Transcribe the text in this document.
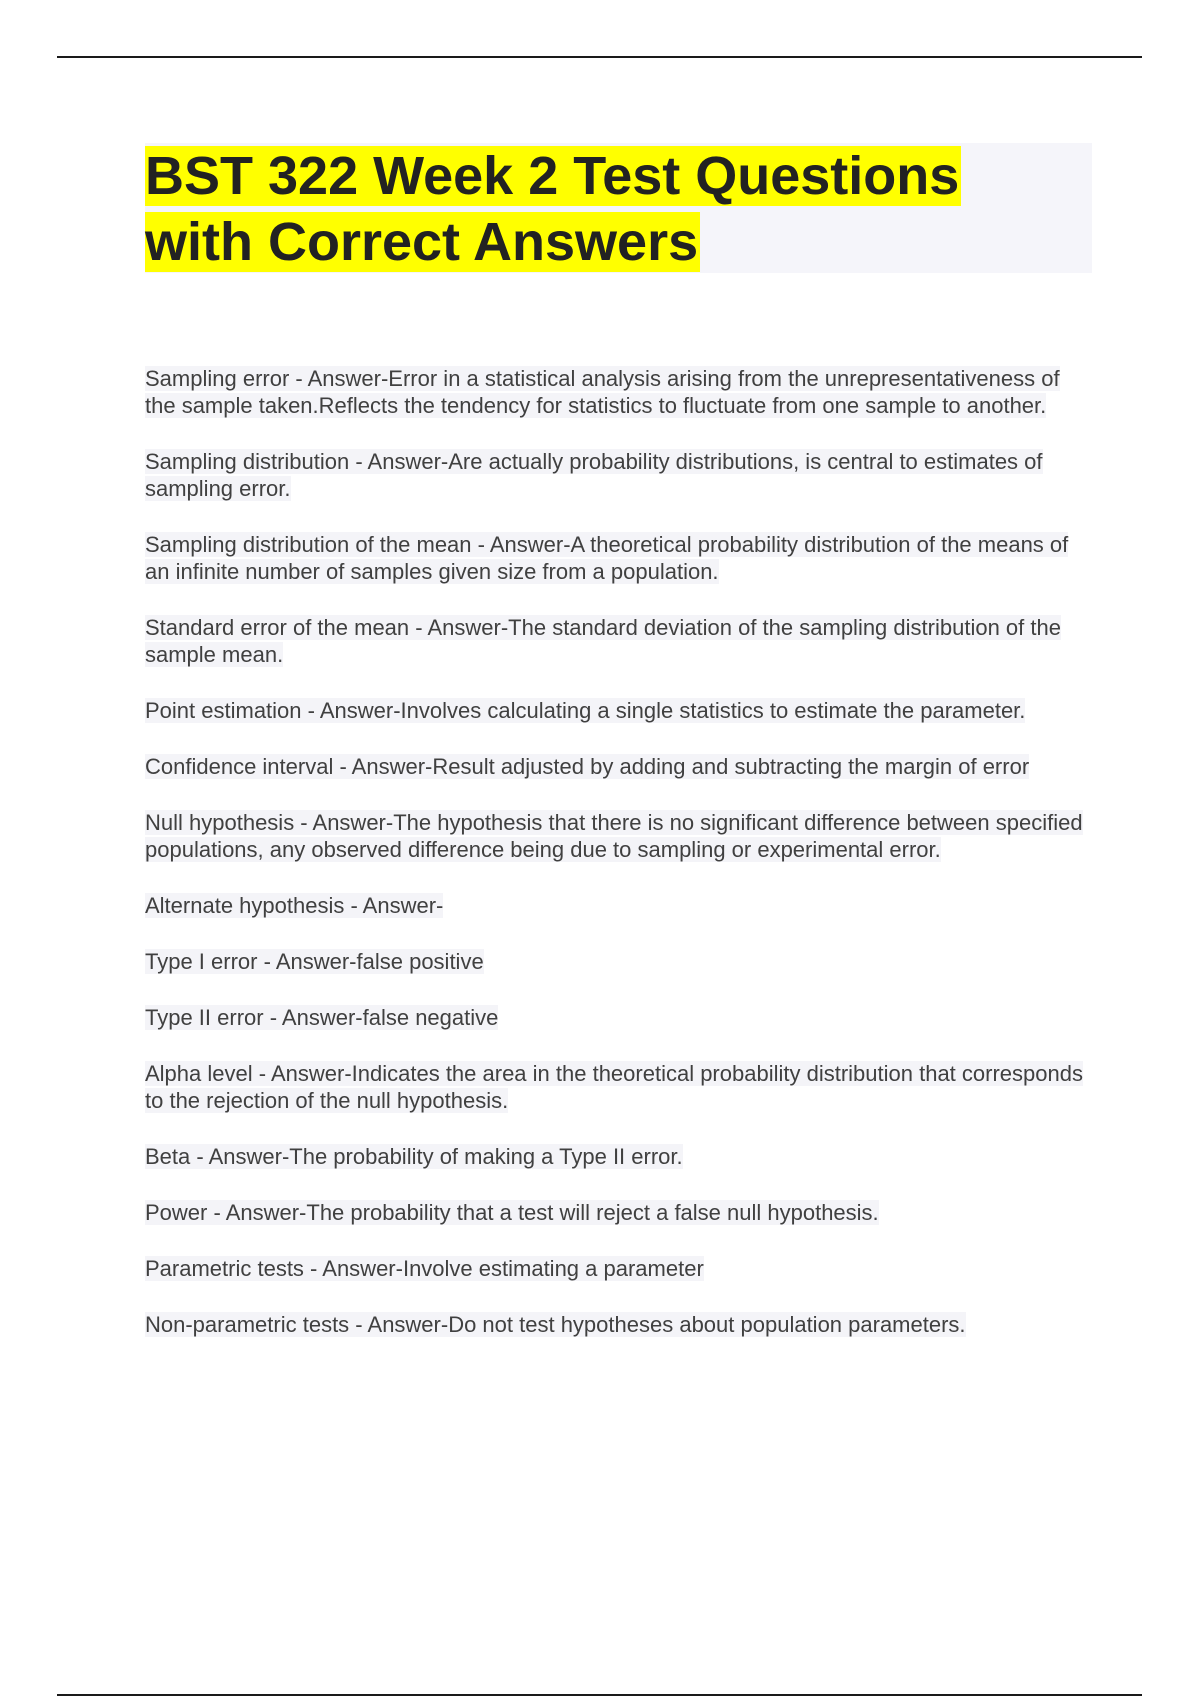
BST 322 Week 2 Test Questions
with Correct Answers

Sampling error - Answer-Error in a statistical analysis arising from the unrepresentativeness of the sample taken.Reflects the tendency for statistics to fluctuate from one sample to another.

Sampling distribution - Answer-Are actually probability distributions, is central to estimates of sampling error.

Sampling distribution of the mean - Answer-A theoretical probability distribution of the means of an infinite number of samples given size from a population.

Standard error of the mean - Answer-The standard deviation of the sampling distribution of the sample mean.

Point estimation - Answer-Involves calculating a single statistics to estimate the parameter.

Confidence interval - Answer-Result adjusted by adding and subtracting the margin of error

Null hypothesis - Answer-The hypothesis that there is no significant difference between specified populations, any observed difference being due to sampling or experimental error.

Alternate hypothesis - Answer-

Type I error - Answer-false positive

Type II error - Answer-false negative

Alpha level - Answer-Indicates the area in the theoretical probability distribution that corresponds to the rejection of the null hypothesis.

Beta - Answer-The probability of making a Type II error.

Power - Answer-The probability that a test will reject a false null hypothesis.

Parametric tests - Answer-Involve estimating a parameter

Non-parametric tests - Answer-Do not test hypotheses about population parameters.
